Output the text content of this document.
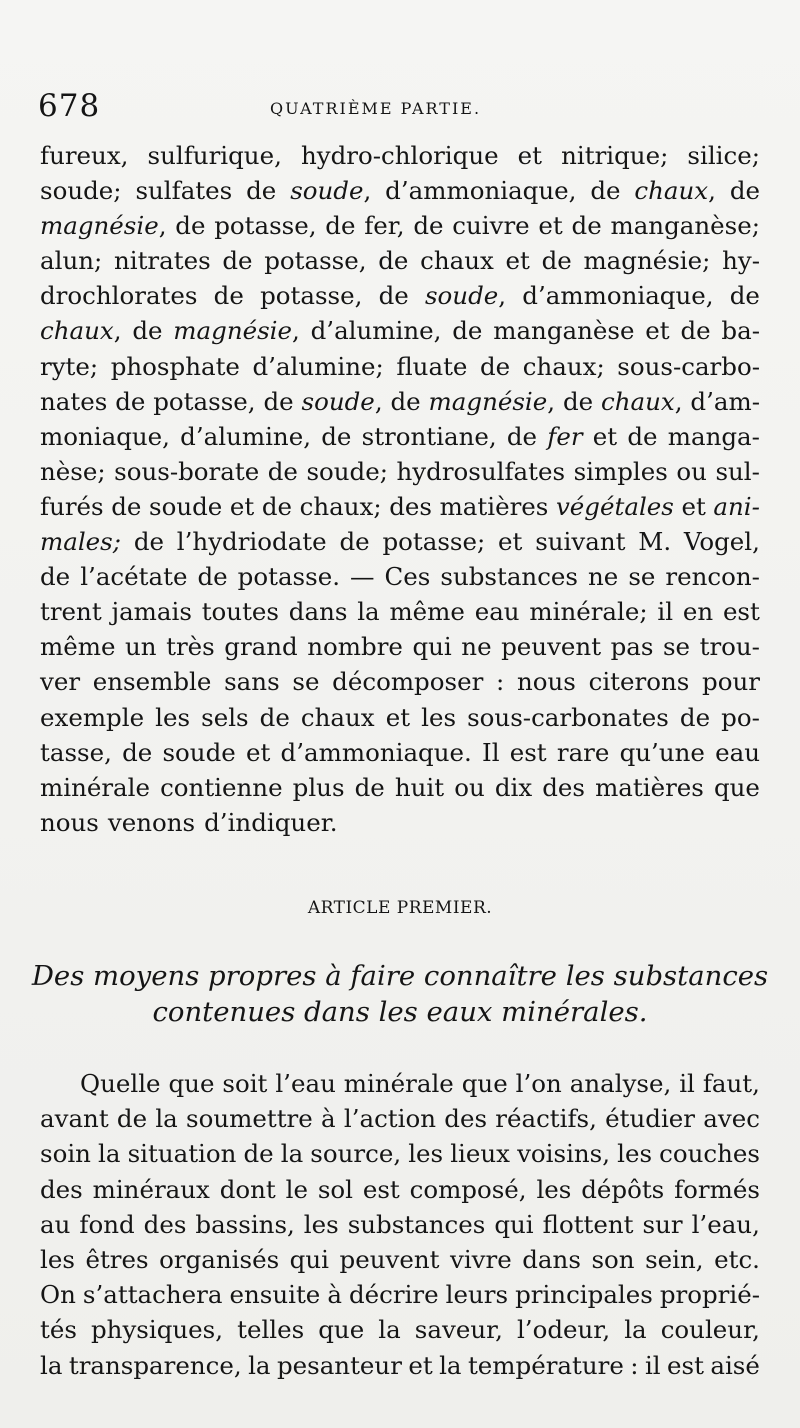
678	QUATRIÈME PARTIE.
fureux, sulfurique, hydro-chlorique et nitrique; silice;
soude; sulfates de soude, d’ammoniaque, de chaux, de
magnésie, de potasse, de fer, de cuivre et de manganèse;
alun; nitrates de potasse, de chaux et de magnésie; hy-
drochlorates de potasse, de soude, d’ammoniaque, de
chaux, de magnésie, d’alumine, de manganèse et de ba-
ryte; phosphate d’alumine; fluate de chaux; sous-carbo-
nates de potasse, de soude, de magnésie, de chaux, d’am-
moniaque, d’alumine, de strontiane, de fer et de manga-
nèse; sous-borate de soude; hydrosulfates simples ou sul-
furés de soude et de chaux; des matières végétales et ani-
males; de l’hydriodate de potasse; et suivant M. Vogel,
de l’acétate de potasse. — Ces substances ne se rencon-
trent jamais toutes dans la même eau minérale; il en est
même un très grand nombre qui ne peuvent pas se trou-
ver ensemble sans se décomposer : nous citerons pour
exemple les sels de chaux et les sous-carbonates de po-
tasse, de soude et d’ammoniaque. Il est rare qu’une eau
minérale contienne plus de huit ou dix des matières que
nous venons d’indiquer.
ARTICLE PREMIER.
Des moyens propres à faire connaître les substances
contenues dans les eaux minérales.
Quelle que soit l’eau minérale que l’on analyse, il faut,
avant de la soumettre à l’action des réactifs, étudier avec
soin la situation de la source, les lieux voisins, les couches
des minéraux dont le sol est composé, les dépôts formés
au fond des bassins, les substances qui flottent sur l’eau,
les êtres organisés qui peuvent vivre dans son sein, etc.
On s’attachera ensuite à décrire leurs principales proprié-
tés physiques, telles que la saveur, l’odeur, la couleur,
la transparence, la pesanteur et la température : il est aisé
